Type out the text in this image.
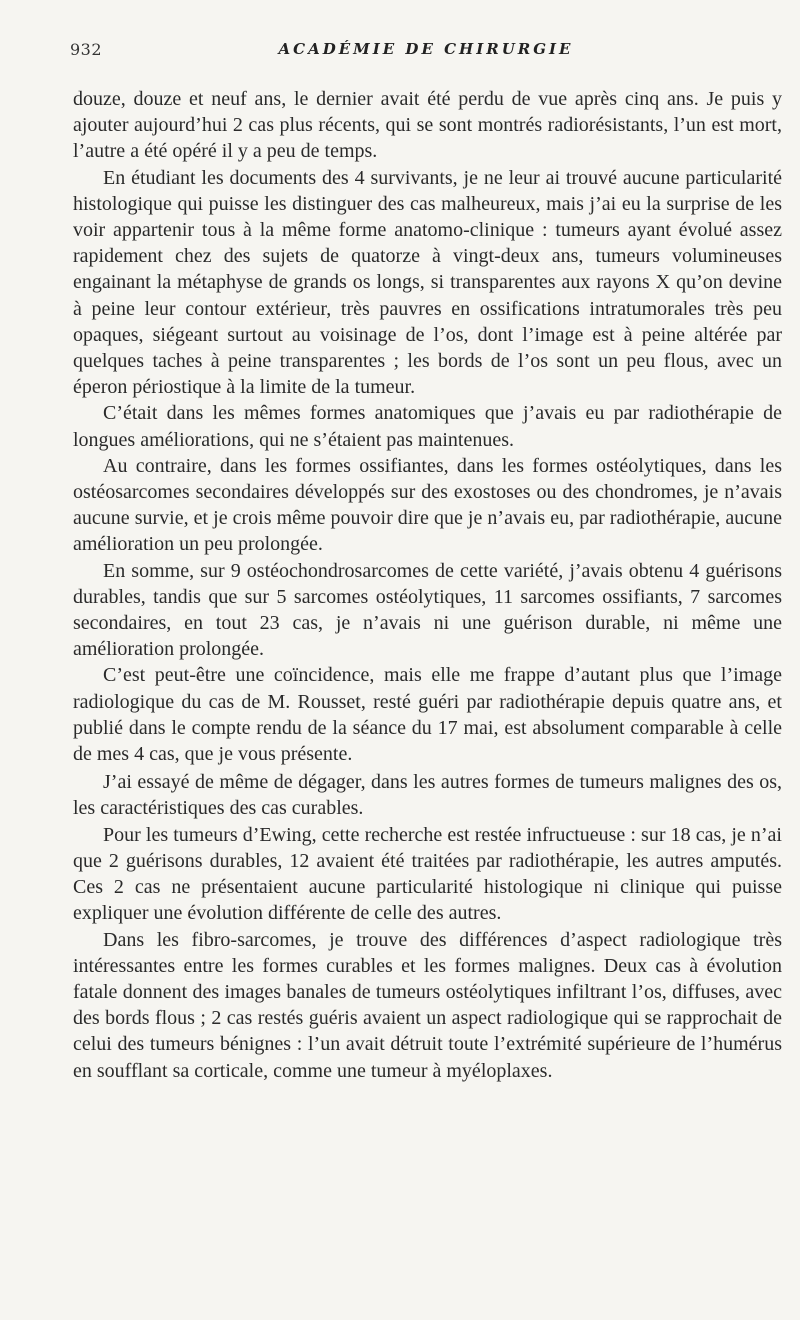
932	ACADÉMIE DE CHIRURGIE

douze, douze et neuf ans, le dernier avait été perdu de vue après cinq ans. Je puis y ajouter aujourd’hui 2 cas plus récents, qui se sont montrés radiorésistants, l’un est mort, l’autre a été opéré il y a peu de temps.

En étudiant les documents des 4 survivants, je ne leur ai trouvé aucune particularité histologique qui puisse les distinguer des cas malheureux, mais j’ai eu la surprise de les voir appartenir tous à la même forme anatomo-clinique : tumeurs ayant évolué assez rapidement chez des sujets de quatorze à vingt-deux ans, tumeurs volumineuses engainant la métaphyse de grands os longs, si transparentes aux rayons X qu’on devine à peine leur contour extérieur, très pauvres en ossifications intratumorales très peu opaques, siégeant surtout au voisinage de l’os, dont l’image est à peine altérée par quelques taches à peine transparentes ; les bords de l’os sont un peu flous, avec un éperon périostique à la limite de la tumeur.

C’était dans les mêmes formes anatomiques que j’avais eu par radiothérapie de longues améliorations, qui ne s’étaient pas maintenues.

Au contraire, dans les formes ossifiantes, dans les formes ostéolytiques, dans les ostéosarcomes secondaires développés sur des exostoses ou des chondromes, je n’avais aucune survie, et je crois même pouvoir dire que je n’avais eu, par radiothérapie, aucune amélioration un peu prolongée.

En somme, sur 9 ostéochondrosarcomes de cette variété, j’avais obtenu 4 guérisons durables, tandis que sur 5 sarcomes ostéolytiques, 11 sarcomes ossifiants, 7 sarcomes secondaires, en tout 23 cas, je n’avais ni une guérison durable, ni même une amélioration prolongée.

C’est peut-être une coïncidence, mais elle me frappe d’autant plus que l’image radiologique du cas de M. Rousset, resté guéri par radiothérapie depuis quatre ans, et publié dans le compte rendu de la séance du 17 mai, est absolument comparable à celle de mes 4 cas, que je vous présente.

J’ai essayé de même de dégager, dans les autres formes de tumeurs malignes des os, les caractéristiques des cas curables.

Pour les tumeurs d’Ewing, cette recherche est restée infructueuse : sur 18 cas, je n’ai que 2 guérisons durables, 12 avaient été traitées par radiothérapie, les autres amputés. Ces 2 cas ne présentaient aucune particularité histologique ni clinique qui puisse expliquer une évolution différente de celle des autres.

Dans les fibro-sarcomes, je trouve des différences d’aspect radiologique très intéressantes entre les formes curables et les formes malignes. Deux cas à évolution fatale donnent des images banales de tumeurs ostéolytiques infiltrant l’os, diffuses, avec des bords flous ; 2 cas restés guéris avaient un aspect radiologique qui se rapprochait de celui des tumeurs bénignes : l’un avait détruit toute l’extrémité supérieure de l’humérus en soufflant sa corticale, comme une tumeur à myéloplaxes.
